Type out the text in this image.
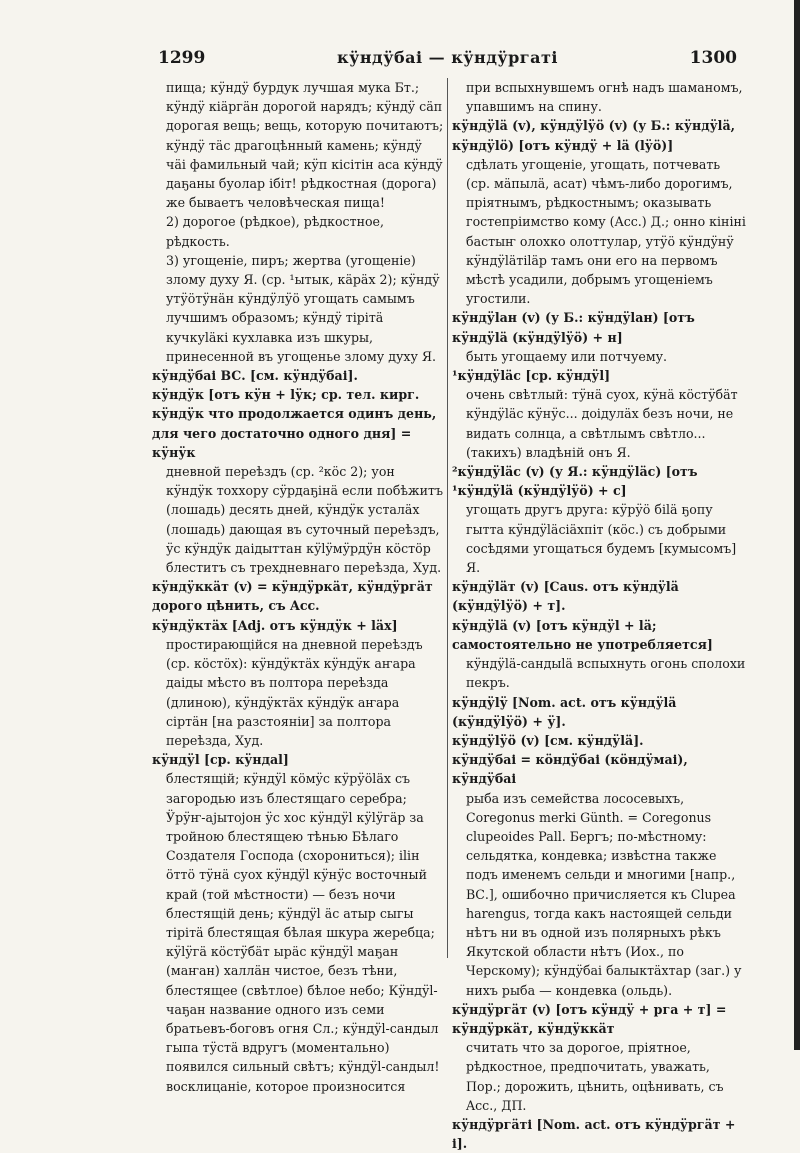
1299	кӱндӱбаі — кӱндӱргаті	1300

пища; кӱндӱ бурдук лучшая мука Бт.; кӱндӱ кіäргäн дорогой нарядъ; кӱндӱ сäп дорогая вещь; вещь, которую почитаютъ; кӱндӱ тäс драгоцѣнный камень; кӱндӱ чäі фамильный чай; кӱп кісітін аса кӱндӱ даҕаны буолар ібіт! рѣдкостная (дорога) же бываетъ человѣческая пища!

2) дорогое (рѣдкое), рѣдкостное, рѣдкость.

3) угощеніе, пиръ; жертва (угощеніе) злому духу Я. (ср. ¹ытык, кäрäх 2); кӱндӱ утӱöтӱнäн кӱндӱлӱö угощать самымъ лучшимъ образомъ; кӱндӱ тірітä кучкуläкі кухлавка изъ шкуры, принесенной въ угощенье злому духу Я.

кӱндӱбаі ВС. [см. кӱндӱбаі].

кӱндӱк [отъ кӱн + lӱк; ср. тел. кирг. кӱндӱк что продолжается одинъ день, для чего достаточно одного дня] = кӱнӱк

дневной переѣздъ (ср. ²кöс 2); уон кӱндӱк тоххору сӱрдаҕiнä если побѣжитъ (лошадь) десять дней, кӱндӱк усталäх (лошадь) дающая въ суточный переѣздъ, ӱс кӱндӱк даідыттан кӱlӱмӱрдӱн кöстöр блеститъ съ трехдневнаго переѣзда, Худ.

кӱндӱккäт (v) = кӱндӱркäт, кӱндӱргäт дорого цѣнить, съ Acc.

кӱндӱктäх [Adj. отъ кӱндӱк + läх]

простирающійся на дневной переѣздъ (ср. кöстöх): кӱндӱктäх кӱндӱк аҥара даіды мѣсто въ полтора переѣзда (длиною), кӱндӱктäх кӱндӱк аҥара сіртäн [на разстояніи] за полтора переѣзда, Худ.

кӱндӱl [ср. кӱндаl]

блестящій; кӱндӱl кöмӱс кӱрӱöläх съ загородью изъ блестящаго серебра; Ӱрӱҥ-аjытојон ӱс хос кӱндӱl кӱlӱгäр за тройною блестящею тѣнью Бѣлаго Создателя Господа (схорониться); ilін öттö тӱнä суох кӱндӱl кӱнӱс восточный край (той мѣстности) — безъ ночи блестящій день; кӱндӱl äс атыр сыгы тірітä блестящая бѣлая шкура жеребца; кӱlӱгä кöстӱбäт ырäс кӱндӱl маҕан (маҥан) халлäн чистое, безъ тѣни, блестящее (свѣтлое) бѣлое небо; Кӱндӱl-чаҕан название одного изъ семи братьевъ-боговъ огня Сл.; кӱндӱl-сандыл гыпа тӱстä вдругъ (моментально) появился сильный свѣтъ; кӱндӱl-сандыл! восклицаніе, которое произносится

при вспыхнувшемъ огнѣ надъ шаманомъ, упавшимъ на спину.

кӱндӱlä (v), кӱндӱlӱö (v) (у Б.: кӱндӱlä, кӱндӱlö) [отъ кӱндӱ + lä (lӱö)]

сдѣлать угощеніе, угощать, потчевать (ср. мäпылä, асат) чѣмъ-либо дорогимъ, пріятнымъ, рѣдкостнымъ; оказывать гостепріимство кому (Acc.) Д.; онно кініні бастыҥ олохко олоттулар, утӱö кӱндӱнӱ кӱндӱläтiläр тамъ они его на первомъ мѣстѣ усадили, добрымъ угощеніемъ угостили.

кӱндӱlан (v) (у Б.: кӱндӱlан) [отъ кӱндӱlä (кӱндӱlӱö) + н]

быть угощаему или потчуему.

¹кӱндӱläс [ср. кӱндӱl]

очень свѣтлый: тӱнä суох, кӱнä кöстӱбäт кӱндӱläс кӱнӱс... доідулäх безъ ночи, не видать солнца, а свѣтлымъ свѣтло... (такихъ) владѣній онъ Я.

²кӱндӱläс (v) (у Я.: кӱндӱläс) [отъ ¹кӱндӱlä (кӱндӱlӱö) + с]

угощать другъ друга: кӱрӱö біlä ҕопу гытта кӱндӱläсiäхпiт (кöс.) съ добрыми сосѣдями угощаться будемъ [кумысомъ] Я.

кӱндӱläт (v) [Caus. отъ кӱндӱlä (кӱндӱlӱö) + т].

кӱндӱlä (v) [отъ кӱндӱl + lä; самостоятельно не употребляется]

кӱндӱlä-сандыlä вспыхнуть огонь сполохи пекръ.

кӱндӱlӱ [Nom. act. отъ кӱндӱlä (кӱндӱlӱö) + ӱ].

кӱндӱlӱö (v) [см. кӱндӱlä].

кӱндӱбаі = кöндӱбаі (кöндӱмаі), кӱндӱбаі

рыба изъ семейства лососевыхъ, Coregonus merki Günth. = Coregonus clupeoides Pall. Бергъ; по-мѣстному: сельдятка, кондевка; извѣстна также подъ именемъ сельди и многими [напр., ВС.], ошибочно причисляется къ Clupea harengus, тогда какъ настоящей сельди нѣтъ ни въ одной изъ полярныхъ рѣкъ Якутской области нѣтъ (Иох., по Черскому); кӱндӱбаі балыктäхтар (заг.) у нихъ рыба — кондевка (ольдь).

кӱндӱргäт (v) [отъ кӱндӱ + рга + т] = кӱндӱркäт, кӱндӱккäт

считать что за дорогое, пріятное, рѣдкостное, предпочитать, уважать, Пор.; дорожить, цѣнить, оцѣнивать, съ Acc., ДП.

кӱндӱргäті [Nom. act. отъ кӱндӱргäт + і].
